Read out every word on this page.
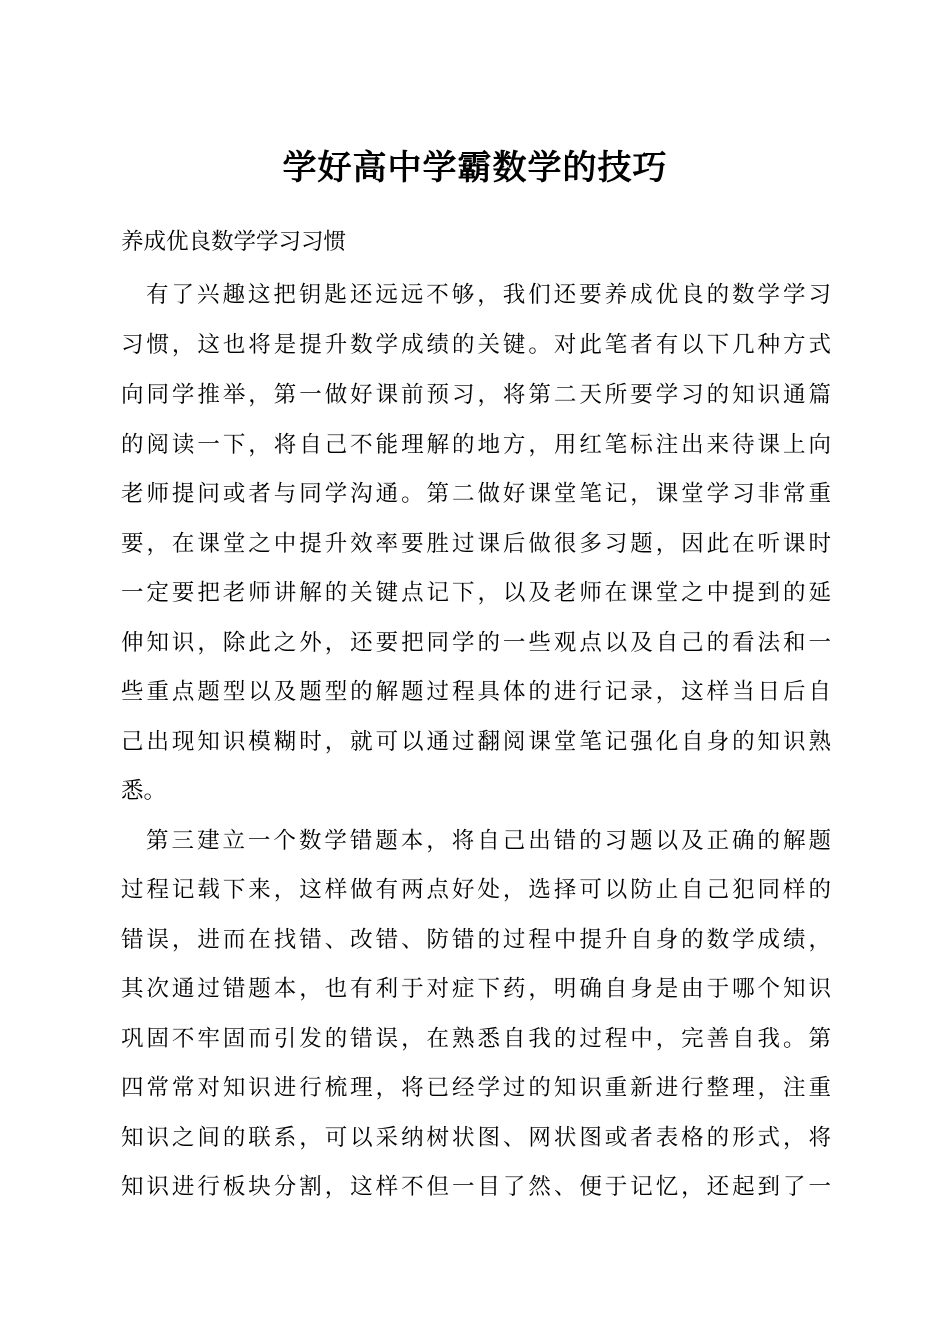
学好高中学霸数学的技巧

养成优良数学学习习惯

有了兴趣这把钥匙还远远不够，我们还要养成优良的数学学习

习惯，这也将是提升数学成绩的关键。对此笔者有以下几种方式

向同学推举，第一做好课前预习，将第二天所要学习的知识通篇

的阅读一下，将自己不能理解的地方，用红笔标注出来待课上向

老师提问或者与同学沟通。第二做好课堂笔记，课堂学习非常重

要，在课堂之中提升效率要胜过课后做很多习题，因此在听课时

一定要把老师讲解的关键点记下，以及老师在课堂之中提到的延

伸知识，除此之外，还要把同学的一些观点以及自己的看法和一

些重点题型以及题型的解题过程具体的进行记录，这样当日后自

己出现知识模糊时，就可以通过翻阅课堂笔记强化自身的知识熟

悉。

第三建立一个数学错题本，将自己出错的习题以及正确的解题

过程记载下来，这样做有两点好处，选择可以防止自己犯同样的

错误，进而在找错、改错、防错的过程中提升自身的数学成绩，

其次通过错题本，也有利于对症下药，明确自身是由于哪个知识

巩固不牢固而引发的错误，在熟悉自我的过程中，完善自我。第

四常常对知识进行梳理，将已经学过的知识重新进行整理，注重

知识之间的联系，可以采纳树状图、网状图或者表格的形式，将

知识进行板块分割，这样不但一目了然、便于记忆，还起到了一
